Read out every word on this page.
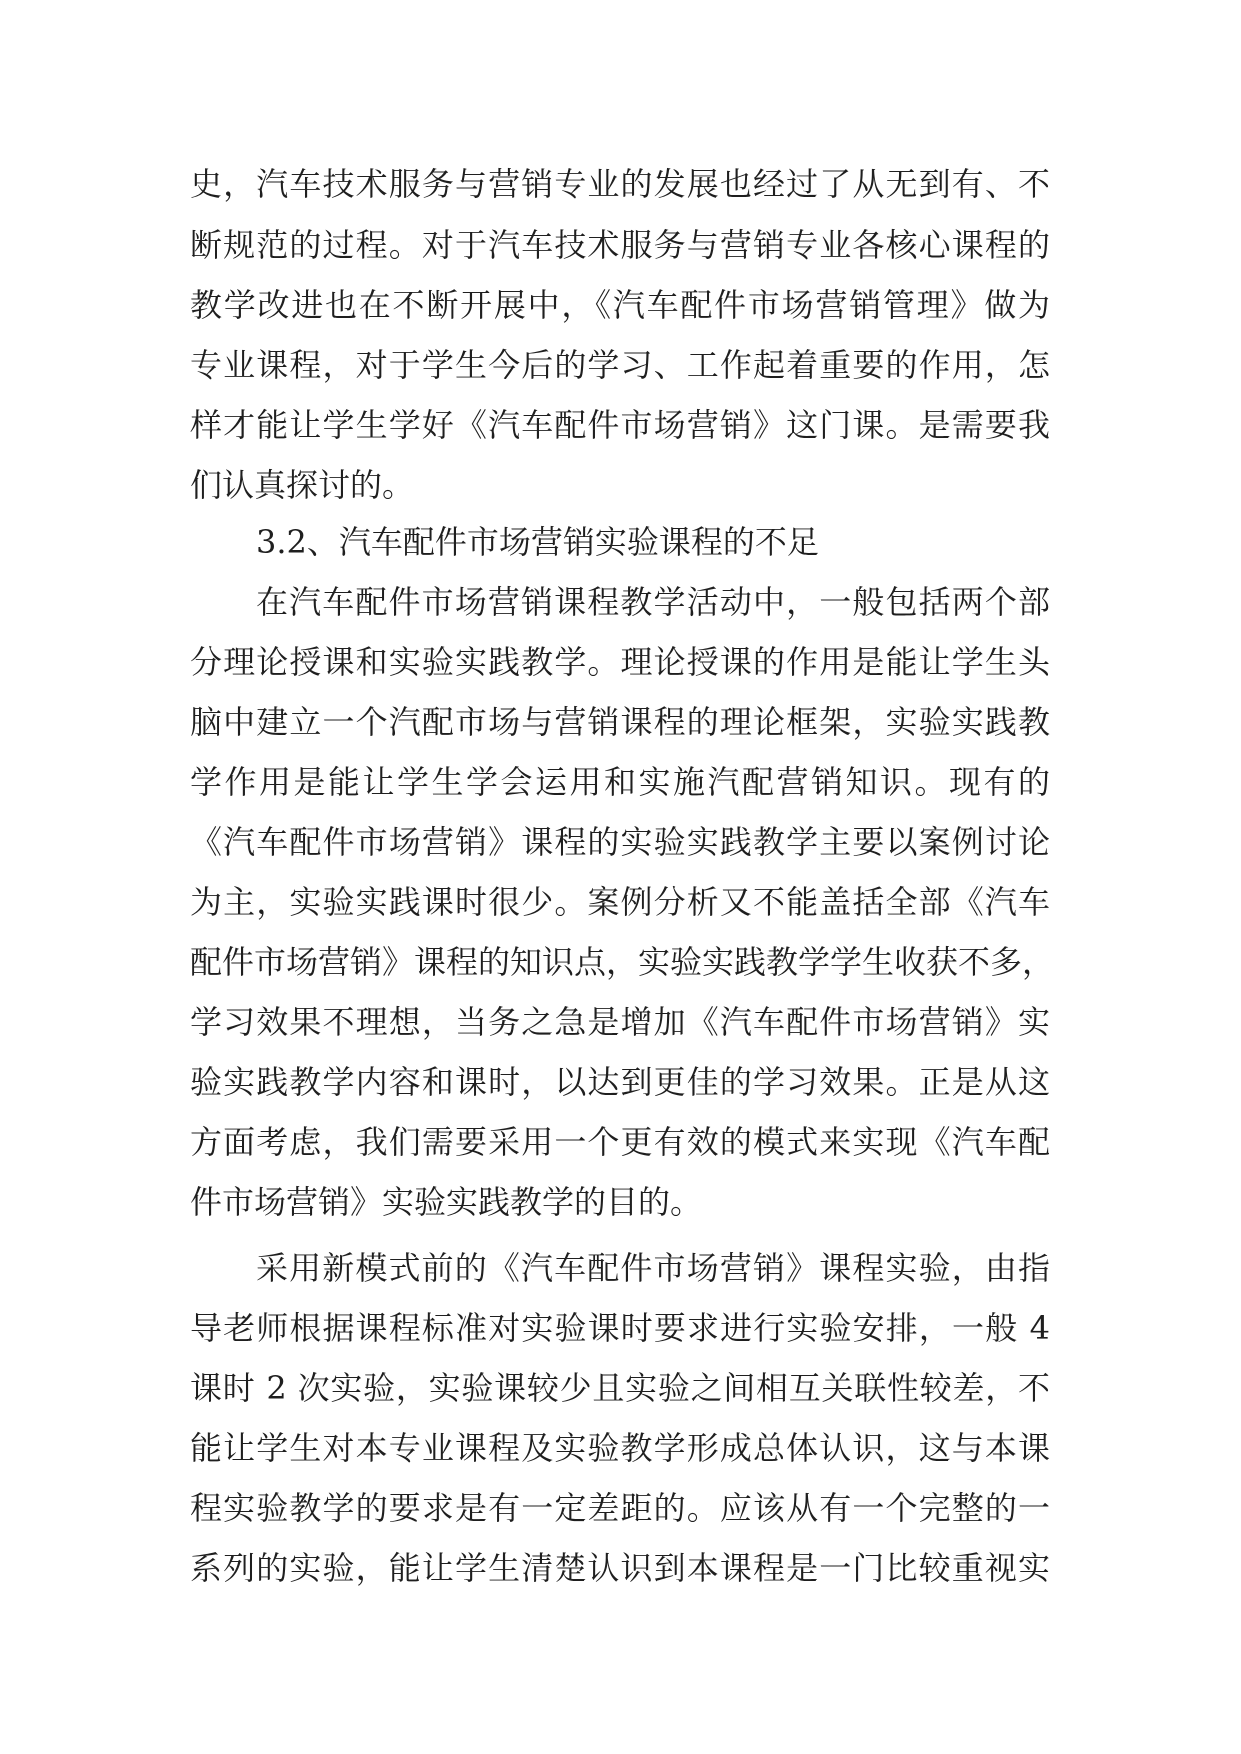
史，汽车技术服务与营销专业的发展也经过了从无到有、不

断规范的过程。对于汽车技术服务与营销专业各核心课程的

教学改进也在不断开展中，《汽车配件市场营销管理》做为

专业课程，对于学生今后的学习、工作起着重要的作用，怎

样才能让学生学好《汽车配件市场营销》这门课。是需要我

们认真探讨的。

3.2、汽车配件市场营销实验课程的不足

在汽车配件市场营销课程教学活动中，一般包括两个部

分理论授课和实验实践教学。理论授课的作用是能让学生头

脑中建立一个汽配市场与营销课程的理论框架，实验实践教

学作用是能让学生学会运用和实施汽配营销知识。现有的

《汽车配件市场营销》课程的实验实践教学主要以案例讨论

为主，实验实践课时很少。案例分析又不能盖括全部《汽车

配件市场营销》课程的知识点，实验实践教学学生收获不多，

学习效果不理想，当务之急是增加《汽车配件市场营销》实

验实践教学内容和课时，以达到更佳的学习效果。正是从这

方面考虑，我们需要采用一个更有效的模式来实现《汽车配

件市场营销》实验实践教学的目的。

采用新模式前的《汽车配件市场营销》课程实验，由指

导老师根据课程标准对实验课时要求进行实验安排，一般 4

课时 2 次实验，实验课较少且实验之间相互关联性较差，不

能让学生对本专业课程及实验教学形成总体认识，这与本课

程实验教学的要求是有一定差距的。应该从有一个完整的一

系列的实验，能让学生清楚认识到本课程是一门比较重视实
